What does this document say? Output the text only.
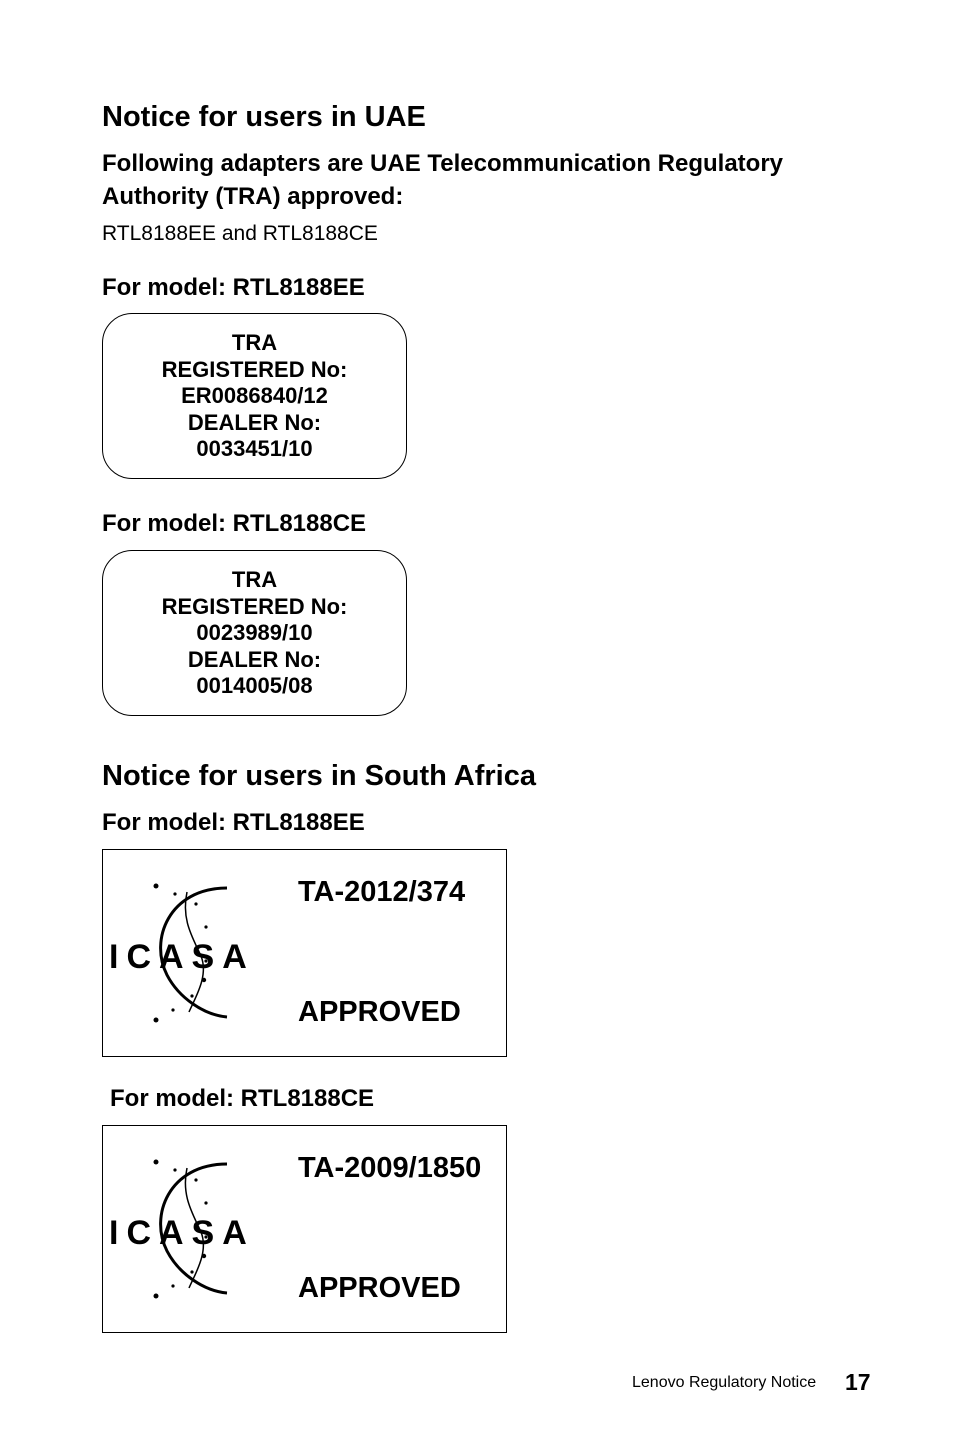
Notice for users in UAE
Following adapters are UAE Telecommunication Regulatory Authority (TRA) approved:
RTL8188EE and RTL8188CE
For model: RTL8188EE
TRA
REGISTERED No:
ER0086840/12
DEALER No:
0033451/10
For model: RTL8188CE
TRA
REGISTERED No:
0023989/10
DEALER No:
0014005/08
Notice for users in South Africa
For model: RTL8188EE
ICASA
TA-2012/374
APPROVED
For model: RTL8188CE
ICASA
TA-2009/1850
APPROVED
Lenovo Regulatory Notice 17
